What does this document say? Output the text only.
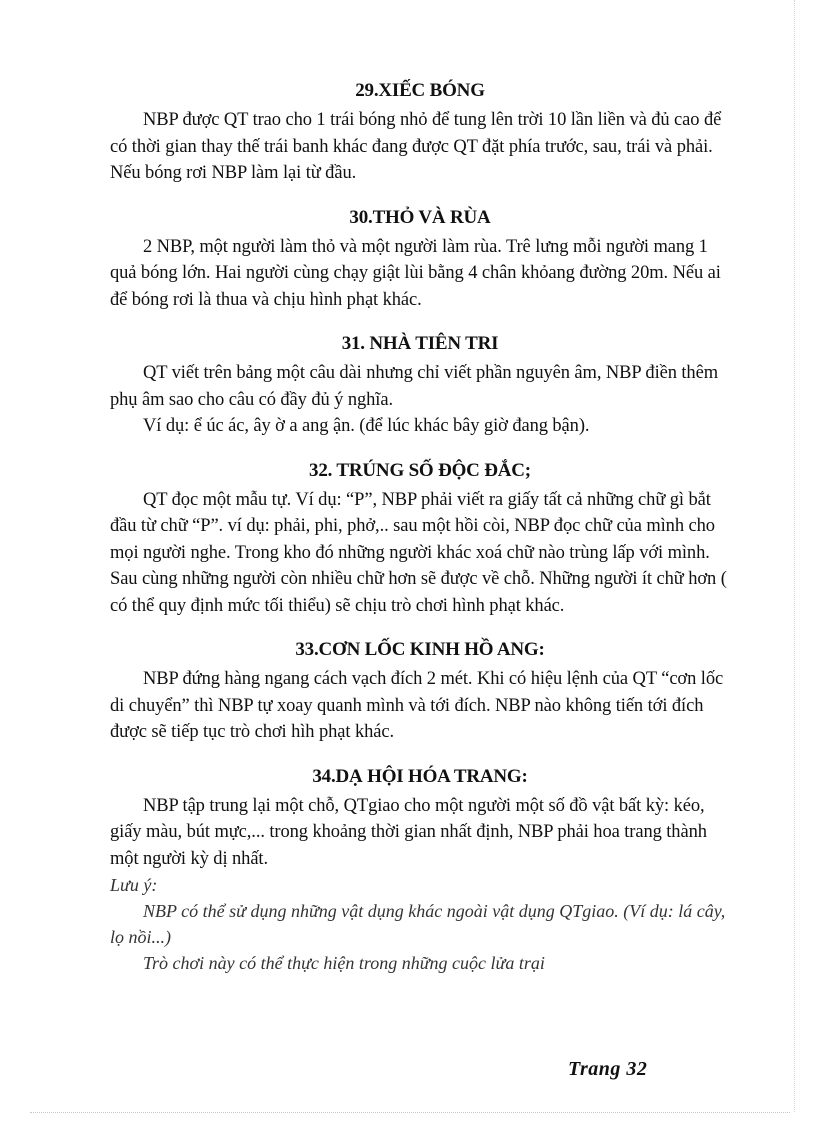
29.XIẾC BÓNG

NBP được QT trao cho 1 trái bóng nhỏ để tung lên trời 10 lần liền và đủ cao để có thời gian thay thế trái banh khác đang được QT đặt phía trước, sau, trái và phải. Nếu bóng rơi NBP làm lại từ đầu.

30.THỎ VÀ RÙA

2 NBP, một người làm thỏ và một người làm rùa. Trê lưng mỗi người mang 1 quả bóng lớn. Hai người cùng chạy giật lùi bằng 4 chân khỏang đường 20m. Nếu ai để bóng rơi là thua và chịu hình phạt khác.

31. NHÀ TIÊN TRI

QT viết trên bảng một câu dài nhưng chỉ viết phần nguyên âm, NBP điền thêm phụ âm sao cho câu có đầy đủ ý nghĩa.

Ví dụ: ể úc ác, ây ờ a ang ận. (để lúc khác bây giờ đang bận).

32. TRÚNG SỐ ĐỘC ĐẮC;

QT đọc một mẫu tự. Ví dụ: “P”, NBP phải viết ra giấy tất cả những chữ gì bắt đầu từ chữ “P”. ví dụ: phải, phi, phở,.. sau một hồi còi, NBP đọc chữ của mình cho mọi người nghe. Trong kho đó những người khác xoá chữ nào trùng lấp với mình. Sau cùng những người còn nhiều chữ hơn sẽ được về chỗ. Những người ít chữ hơn ( có thể quy định mức tối thiểu) sẽ chịu trò chơi hình phạt khác.

33.CƠN LỐC KINH HỒ ANG:

NBP đứng hàng ngang cách vạch đích 2 mét. Khi có hiệu lệnh của QT “cơn lốc di chuyển” thì NBP tự xoay quanh mình và tới đích. NBP nào không tiến tới đích được sẽ tiếp tục trò chơi hìh phạt khác.

34.DẠ HỘI HÓA TRANG:

NBP tập trung lại một chỗ, QTgiao cho một người một số đồ vật bất kỳ: kéo, giấy màu, bút mực,... trong khoảng thời gian nhất định, NBP phải hoa trang thành một người kỳ dị nhất.

Lưu ý:

NBP có thể sử dụng những vật dụng khác ngoài vật dụng QTgiao. (Ví dụ: lá cây, lọ nồi...)

Trò chơi này có thể thực hiện trong những cuộc lửa trại

Trang 32
